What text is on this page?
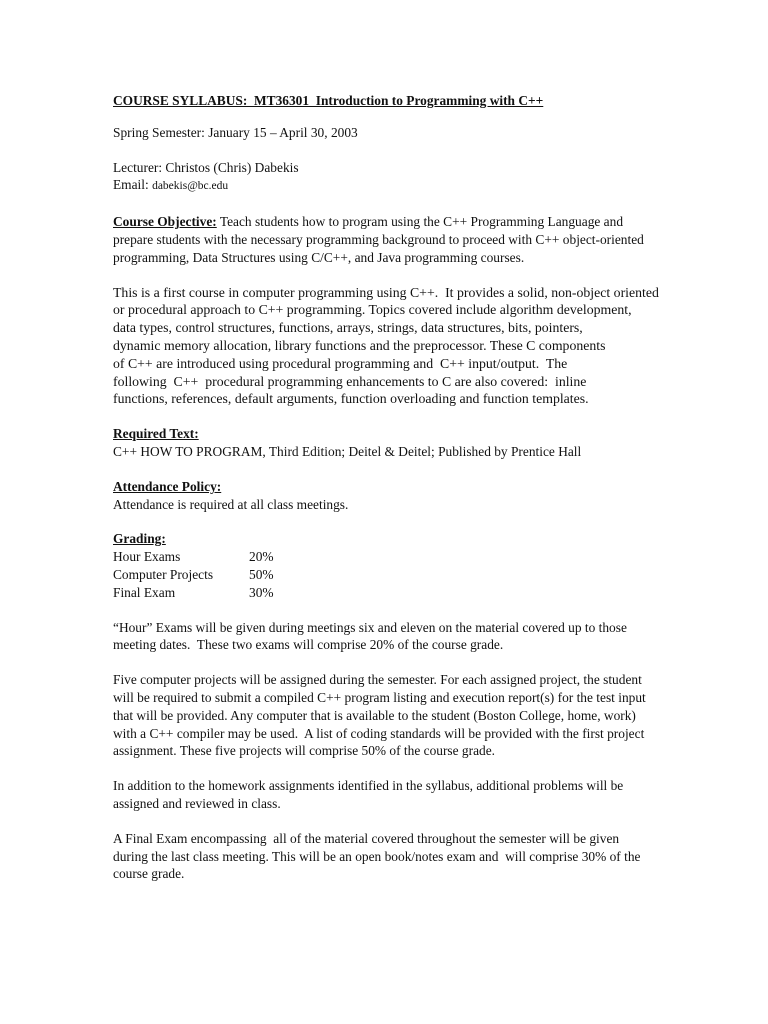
COURSE SYLLABUS:  MT36301  Introduction to Programming with C++

Spring Semester: January 15 – April 30, 2003

Lecturer: Christos (Chris) Dabekis
Email: dabekis@bc.edu

Course Objective: Teach students how to program using the C++ Programming Language and
prepare students with the necessary programming background to proceed with C++ object-oriented
programming, Data Structures using C/C++, and Java programming courses.

This is a first course in computer programming using C++.  It provides a solid, non-object oriented
or procedural approach to C++ programming. Topics covered include algorithm development,
data types, control structures, functions, arrays, strings, data structures, bits, pointers,
dynamic memory allocation, library functions and the preprocessor. These C components
of C++ are introduced using procedural programming and  C++ input/output.  The
following  C++  procedural programming enhancements to C are also covered:  inline
functions, references, default arguments, function overloading and function templates.

Required Text:
C++ HOW TO PROGRAM, Third Edition; Deitel & Deitel; Published by Prentice Hall

Attendance Policy:
Attendance is required at all class meetings.

Grading:
Hour Exams	20%
Computer Projects	50%
Final Exam	30%

“Hour” Exams will be given during meetings six and eleven on the material covered up to those
meeting dates.  These two exams will comprise 20% of the course grade.

Five computer projects will be assigned during the semester. For each assigned project, the student
will be required to submit a compiled C++ program listing and execution report(s) for the test input
that will be provided. Any computer that is available to the student (Boston College, home, work)
with a C++ compiler may be used.  A list of coding standards will be provided with the first project
assignment. These five projects will comprise 50% of the course grade.

In addition to the homework assignments identified in the syllabus, additional problems will be
assigned and reviewed in class.

A Final Exam encompassing  all of the material covered throughout the semester will be given
during the last class meeting. This will be an open book/notes exam and  will comprise 30% of the
course grade.
